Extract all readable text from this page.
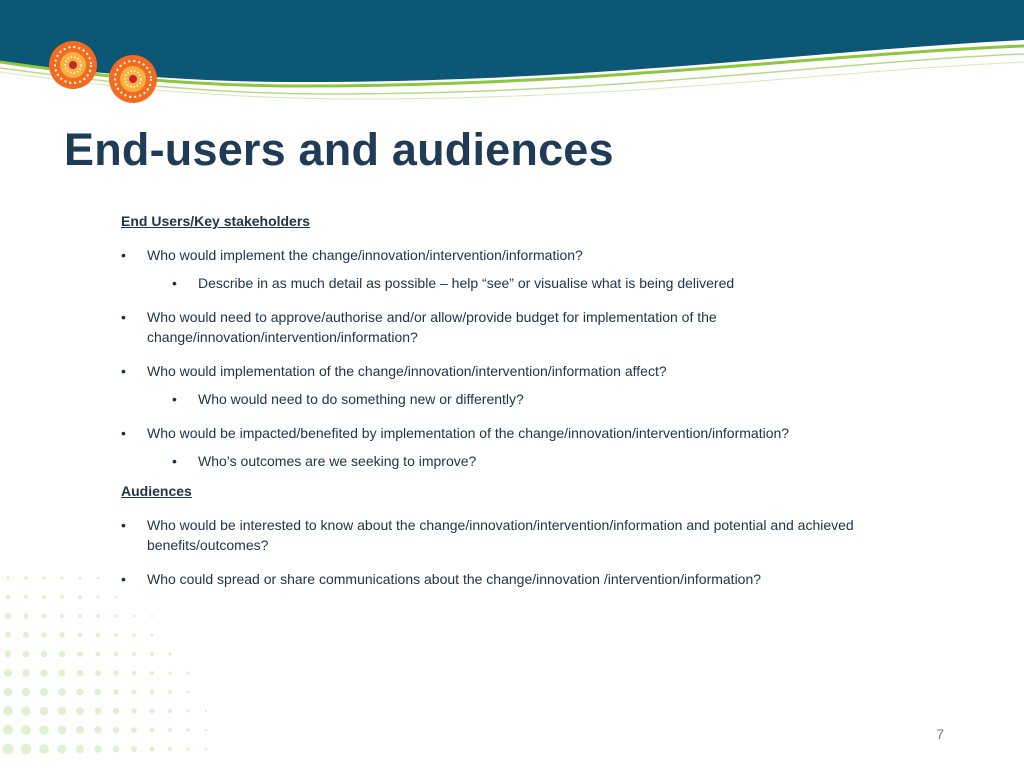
End-users and audiences
End Users/Key stakeholders
• Who would implement the change/innovation/intervention/information?
• Describe in as much detail as possible – help “see” or visualise what is being delivered
• Who would need to approve/authorise and/or allow/provide budget for implementation of the change/innovation/intervention/information?
• Who would implementation of the change/innovation/intervention/information affect?
• Who would need to do something new or differently?
• Who would be impacted/benefited by implementation of the change/innovation/intervention/information?
• Who’s outcomes are we seeking to improve?
Audiences
• Who would be interested to know about the change/innovation/intervention/information and potential and achieved benefits/outcomes?
• Who could spread or share communications about the change/innovation /intervention/information?
7
